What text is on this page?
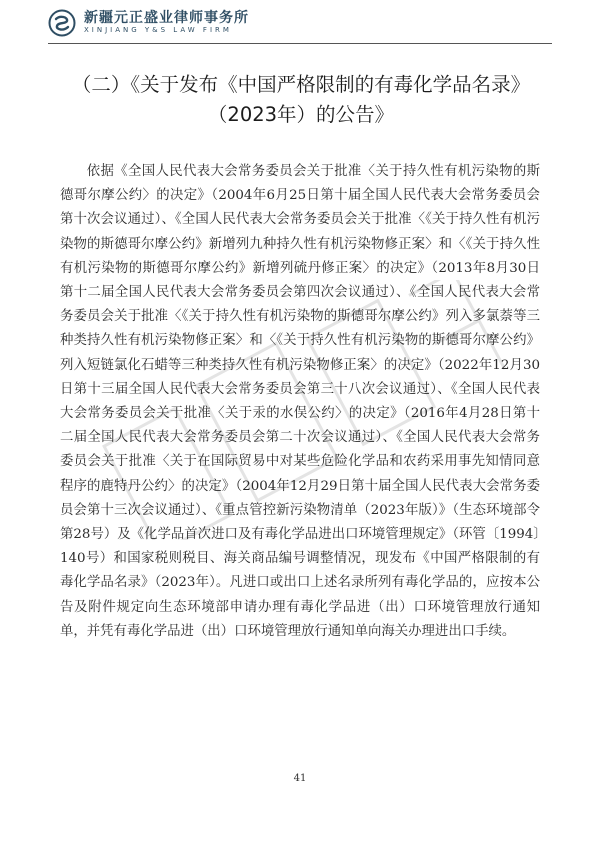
新疆元正盛业律师事务所
XINJIANG Y&S LAW FIRM
（二）《关于发布《中国严格限制的有毒化学品名录》（2023年）的公告》
依据《全国人民代表大会常务委员会关于批准〈关于持久性有机污染物的斯德哥尔摩公约〉的决定》（2004年6月25日第十届全国人民代表大会常务委员会第十次会议通过）、《全国人民代表大会常务委员会关于批准〈《关于持久性有机污染物的斯德哥尔摩公约》新增列九种持久性有机污染物修正案〉和〈《关于持久性有机污染物的斯德哥尔摩公约》新增列硫丹修正案〉的决定》（2013年8月30日第十二届全国人民代表大会常务委员会第四次会议通过）、《全国人民代表大会常务委员会关于批准〈《关于持久性有机污染物的斯德哥尔摩公约》列入多氯萘等三种类持久性有机污染物修正案〉和〈《关于持久性有机污染物的斯德哥尔摩公约》列入短链氯化石蜡等三种类持久性有机污染物修正案〉的决定》（2022年12月30日第十三届全国人民代表大会常务委员会第三十八次会议通过）、《全国人民代表大会常务委员会关于批准〈关于汞的水俣公约〉的决定》（2016年4月28日第十二届全国人民代表大会常务委员会第二十次会议通过）、《全国人民代表大会常务委员会关于批准〈关于在国际贸易中对某些危险化学品和农药采用事先知情同意程序的鹿特丹公约〉的决定》（2004年12月29日第十届全国人民代表大会常务委员会第十三次会议通过）、《重点管控新污染物清单（2023年版）》（生态环境部令第28号）及《化学品首次进口及有毒化学品进出口环境管理规定》（环管〔1994〕140号）和国家税则税目、海关商品编号调整情况，现发布《中国严格限制的有毒化学品名录》（2023年）。凡进口或出口上述名录所列有毒化学品的，应按本公告及附件规定向生态环境部申请办理有毒化学品进（出）口环境管理放行通知单，并凭有毒化学品进（出）口环境管理放行通知单向海关办理进出口手续。
41
